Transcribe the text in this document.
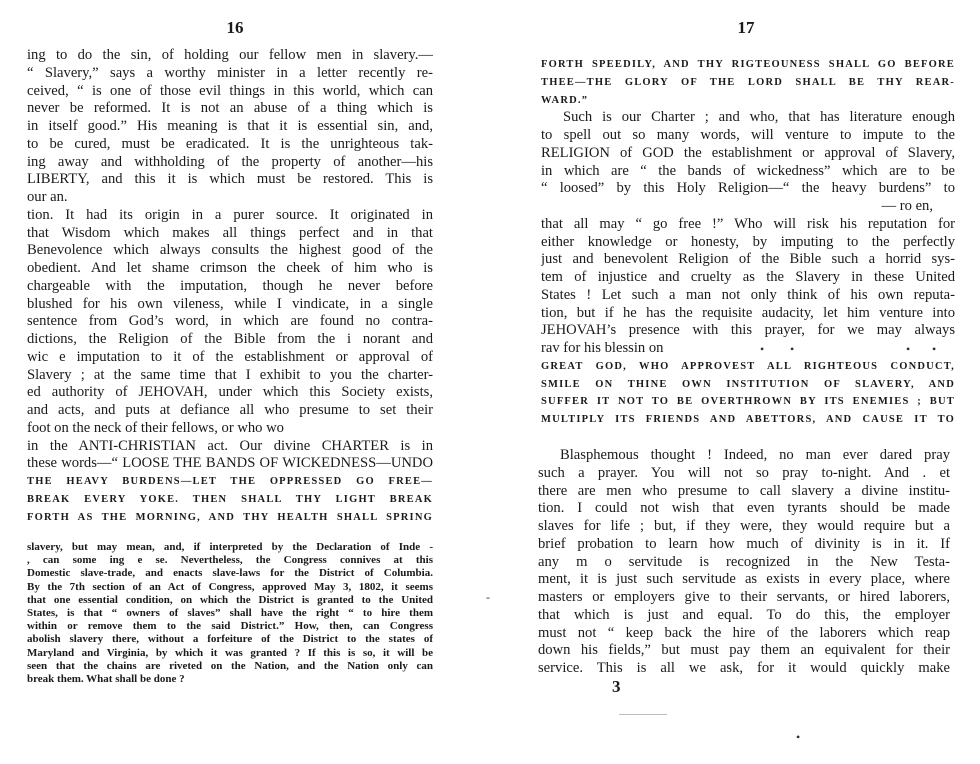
16
ing to do the sin, of holding our fellow men in slavery.—
“ Slavery,” says a worthy minister in a letter recently re-
ceived, “ is one of those evil things in this world, which can
never be reformed. It is not an abuse of a thing which is
in itself good.” His meaning is that it is essential sin, and,
to be cured, must be eradicated. It is the unrighteous tak-
ing away and withholding of the property of another—his
LIBERTY, and this it is which must be restored. This is
our an.
tion. It had its origin in a purer source. It originated in
that Wisdom which makes all things perfect and in that
Benevolence which always consults the highest good of the
obedient. And let shame crimson the cheek of him who is
chargeable with the imputation, though he never before
blushed for his own vileness, while I vindicate, in a single
sentence from God’s word, in which are found no contra-
dictions, the Religion of the Bible from the i norant and
wic e imputation to it of the establishment or approval of
Slavery ; at the same time that I exhibit to you the charter-
ed authority of JEHOVAH, under which this Society exists,
and acts, and puts at defiance all who presume to set their
foot on the neck of their fellows, or who wo
in the ANTI-CHRISTIAN act. Our divine CHARTER is in
these words—“ LOOSE THE BANDS OF WICKEDNESS—UNDO
THE HEAVY BURDENS—LET THE OPPRESSED GO FREE—
BREAK EVERY YOKE. THEN SHALL THY LIGHT BREAK
FORTH AS THE MORNING, AND THY HEALTH SHALL SPRING
slavery, but may mean, and, if interpreted by the Declaration of Inde -
, can some ing e se. Nevertheless, the Congress connives at this
Domestic slave-trade, and enacts slave-laws for the District of Columbia.
By the 7th section of an Act of Congress, approved May 3, 1802, it seems
that one essential condition, on which the District is granted to the United
States, is that “ owners of slaves” shall have the right “ to hire them
within or remove them to the said District.” How, then, can Congress
abolish slavery there, without a forfeiture of the District to the states of
Maryland and Virginia, by which it was granted ? If this is so, it will be
seen that the chains are riveted on the Nation, and the Nation only can
break them. What shall be done ?
17
FORTH SPEEDILY, AND THY RIGTEOUNESS SHALL GO BEFORE
THEE—THE GLORY OF THE LORD SHALL BE THY REAR-
WARD.”
Such is our Charter ; and who, that has literature enough
to spell out so many words, will venture to impute to the
RELIGION of GOD the establishment or approval of Slavery,
in which are “ the bands of wickedness” which are to be
“ loosed” by this Holy Religion—“ the heavy burdens” to
— ro en,
that all may “ go free !” Who will risk his reputation for
either knowledge or honesty, by imputing to the perfectly
just and benevolent Religion of the Bible such a horrid sys-
tem of injustice and cruelty as the Slavery in these United
States ! Let such a man not only think of his own reputa-
tion, but if he has the requisite audacity, let him venture into
JEHOVAH’s presence with this prayer, for we may always
rav for his blessin on
GREAT GOD, WHO APPROVEST ALL RIGHTEOUS CONDUCT,
SMILE ON THINE OWN INSTITUTION OF SLAVERY, AND
SUFFER IT NOT TO BE OVERTHROWN BY ITS ENEMIES ; BUT
MULTIPLY ITS FRIENDS AND ABETTORS, AND CAUSE IT TO
Blasphemous thought ! Indeed, no man ever dared pray
such a prayer. You will not so pray to-night. And . et
there are men who presume to call slavery a divine institu-
tion. I could not wish that even tyrants should be made
slaves for life ; but, if they were, they would require but a
brief probation to learn how much of divinity is in it. If
any m o servitude is recognized in the New Testa-
ment, it is just such servitude as exists in every place, where
masters or employers give to their servants, or hired laborers,
that which is just and equal. To do this, the employer
must not “ keep back the hire of the laborers which reap
down his fields,” but must pay them an equivalent for their
service. This is all we ask, for it would quickly make
3
•
-
• •	• •
